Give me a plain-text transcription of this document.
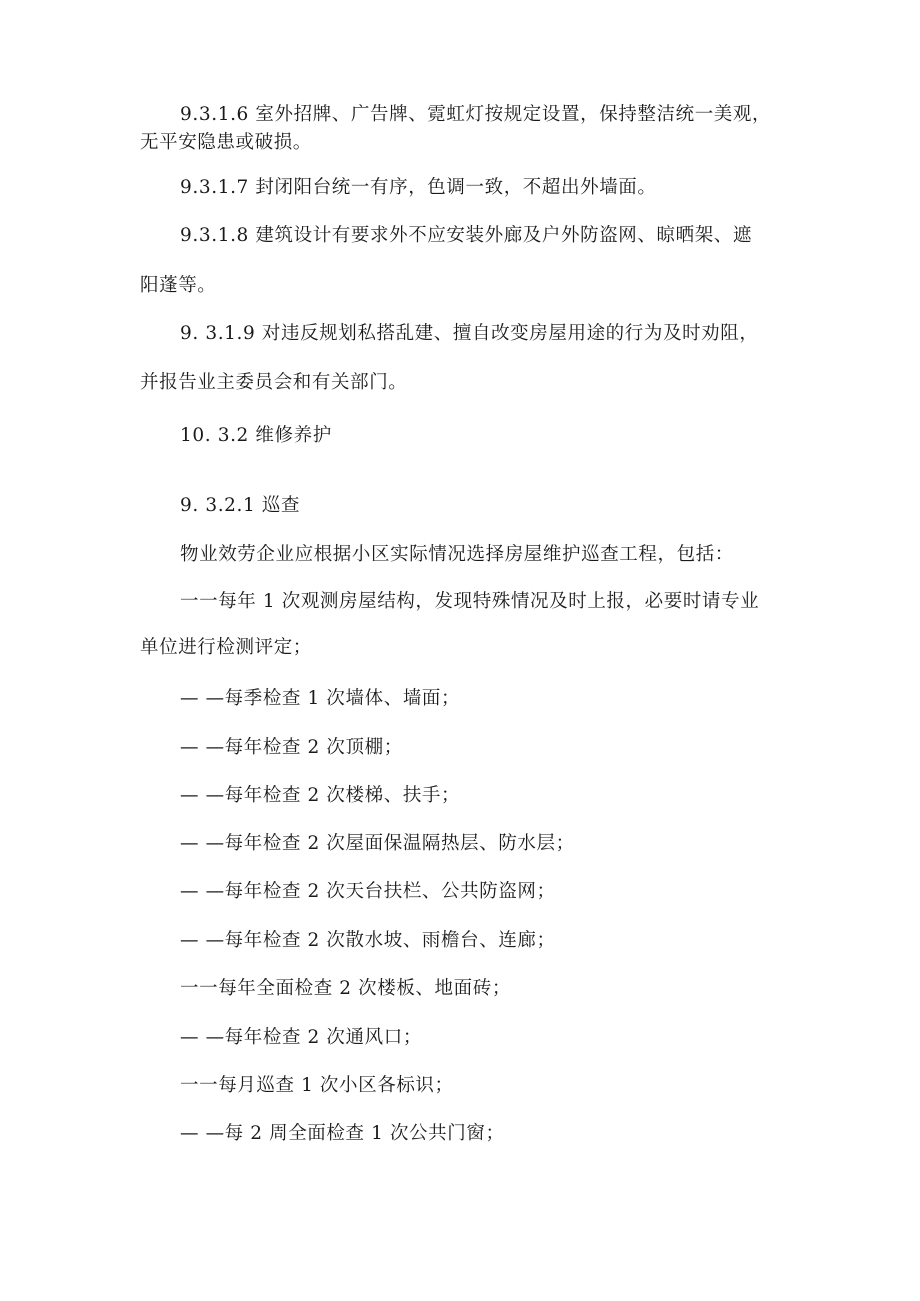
9.3.1.6 室外招牌、广告牌、霓虹灯按规定设置，保持整洁统一美观，
无平安隐患或破损。
9.3.1.7 封闭阳台统一有序，色调一致，不超出外墙面。
9.3.1.8 建筑设计有要求外不应安装外廊及户外防盗网、晾晒架、遮
阳蓬等。
9. 3.1.9 对违反规划私搭乱建、擅自改变房屋用途的行为及时劝阻，
并报告业主委员会和有关部门。
10. 3.2 维修养护
9. 3.2.1 巡查
物业效劳企业应根据小区实际情况选择房屋维护巡查工程，包括：
一一每年 1 次观测房屋结构，发现特殊情况及时上报，必要时请专业
单位进行检测评定；
— —每季检查 1 次墙体、墙面；
— —每年检查 2 次顶棚；
— —每年检查 2 次楼梯、扶手；
— —每年检查 2 次屋面保温隔热层、防水层；
— —每年检查 2 次天台扶栏、公共防盗网；
— —每年检查 2 次散水坡、雨檐台、连廊；
一一每年全面检查 2 次楼板、地面砖；
— —每年检查 2 次通风口；
一一每月巡查 1 次小区各标识；
— —每 2 周全面检查 1 次公共门窗；
